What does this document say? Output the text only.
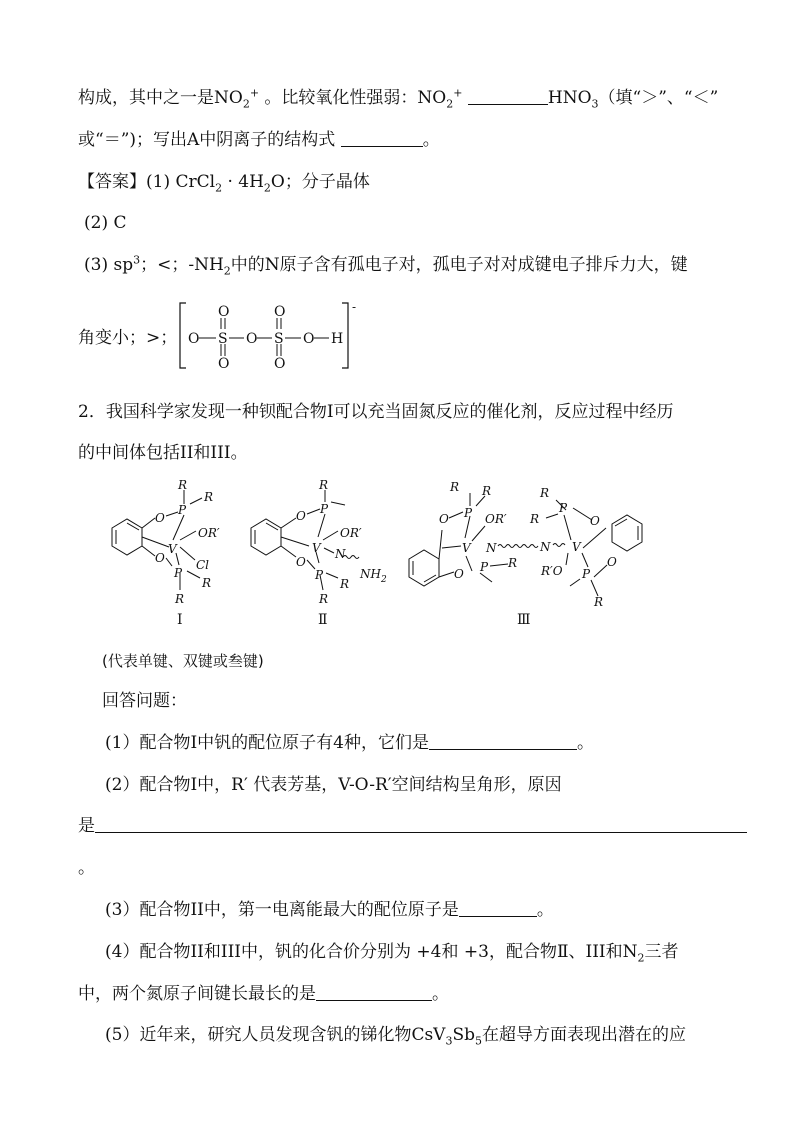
构成，其中之一是$NO_2^+$ 。比较氧化性强弱：$NO_2^+$	$HNO_3$（填“＞”、“＜”
或“＝”)；写出A中阴离子的结构式	。
【答案】(1) CrCl$_2$ · $4H_2O$；分子晶体
(2) C
(3) $sp^3$；<；$-NH_2$中的N原子含有孤电子对，孤电子对对成键电子排斥力大，键
角变小；>；
-
O S O S O H
O
O
O
O
2．我国科学家发现一种钡配合物Ⅰ可以充当固氮反应的催化剂，反应过程中经历
的中间体包括II和III。
O
P
R
R
OR′
V
Cl
O
P
R
R
O P
R
OR′
V N
NH 2
O
P
R
R
O P
R R
OR′
V N	N
O P R
R
R
P
O
V
R′O P
O
R
I	Ⅱ	Ⅲ
(代表单键、双键或叁键)
回答问题：
(1）配合物Ⅰ中钒的配位原子有4种，它们是	。
(2）配合物Ⅰ中，R′ 代表芳基，V-O-R′空间结构呈角形，原因
是
。
(3）配合物II中，第一电离能最大的配位原子是	。
(4）配合物II和III中，钒的化合价分别为 +4和 +3，配合物Ⅱ、III和$N_2$三者
中，两个氮原子间键长最长的是	。
(5）近年来，研究人员发现含钒的锑化物$CsV_3Sb_5$在超导方面表现出潜在的应
